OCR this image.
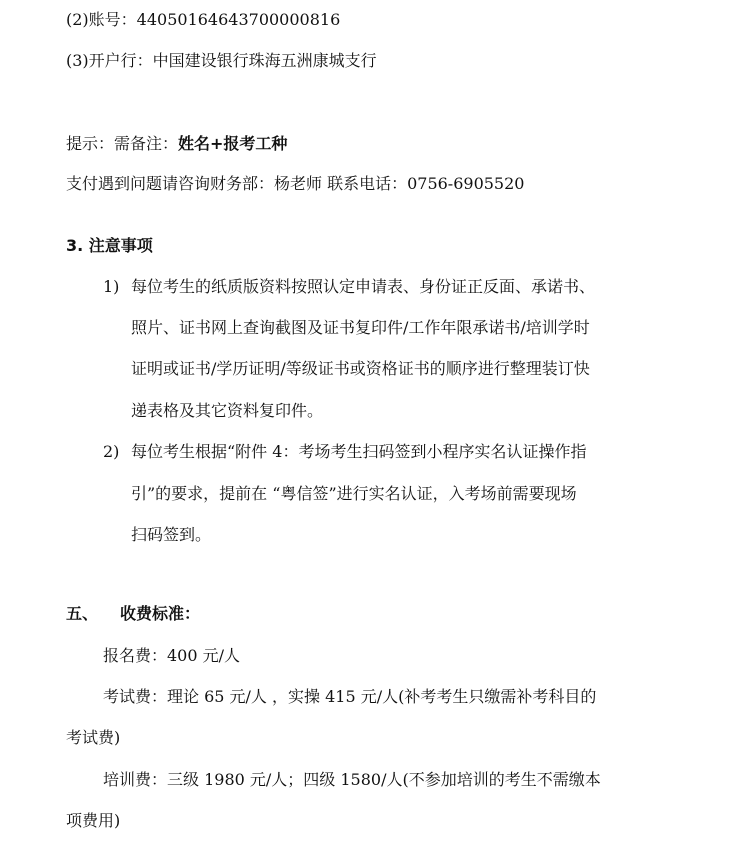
(2)账号：44050164643700000816
(3)开户行：中国建设银行珠海五洲康城支行
提示：需备注：姓名+报考工种
支付遇到问题请咨询财务部：杨老师 联系电话：0756-6905520
3. 注意事项
1) 每位考生的纸质版资料按照认定申请表、身份证正反面、承诺书、
照片、证书网上查询截图及证书复印件/工作年限承诺书/培训学时
证明或证书/学历证明/等级证书或资格证书的顺序进行整理装订快
递表格及其它资料复印件。
2) 每位考生根据“附件 4：考场考生扫码签到小程序实名认证操作指
引”的要求，提前在 “粤信签”进行实名认证，入考场前需要现场
扫码签到。
五、 收费标准：
报名费：400 元/人
考试费：理论 65 元/人 ，实操 415 元/人(补考考生只缴需补考科目的
考试费)
培训费：三级 1980 元/人；四级 1580/人(不参加培训的考生不需缴本
项费用)
